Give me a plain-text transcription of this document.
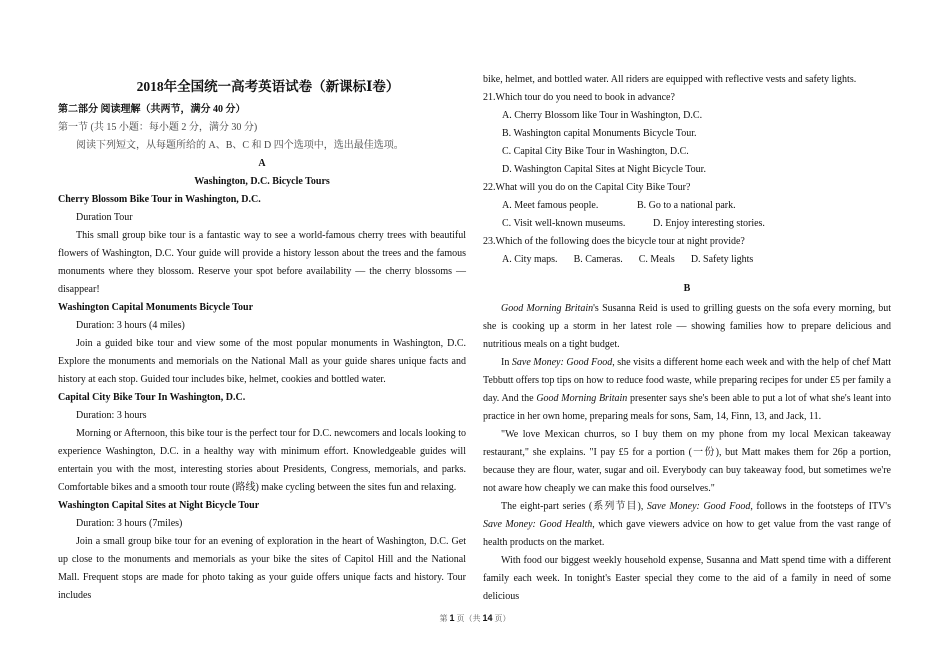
2018年全国统一高考英语试卷（新课标Ⅰ卷）

第二部分 阅读理解（共两节，满分 40 分）

第一节 (共 15 小题：每小题 2 分，满分 30 分)

阅读下列短文，从每题所给的 A、B、C 和 D 四个选项中，选出最佳选项。

A

Washington, D.C. Bicycle Tours

Cherry Blossom Bike Tour in Washington, D.C.

Duration Tour

This small group bike tour is a fantastic way to see a world-famous cherry trees with beautiful flowers of Washington, D.C. Your guide will provide a history lesson about the trees and the famous monuments where they blossom. Reserve your spot before availability — the cherry blossoms — disappear!

Washington Capital Monuments Bicycle Tour

Duration: 3 hours (4 miles)

Join a guided bike tour and view some of the most popular monuments in Washington, D.C. Explore the monuments and memorials on the National Mall as your guide shares unique facts and history at each stop. Guided tour includes bike, helmet, cookies and bottled water.

Capital City Bike Tour In Washington, D.C.

Duration: 3 hours

Morning or Afternoon, this bike tour is the perfect tour for D.C. newcomers and locals looking to experience Washington, D.C. in a healthy way with minimum effort. Knowledgeable guides will entertain you with the most, interesting stories about Presidents, Congress, memorials, and parks. Comfortable bikes and a smooth tour route (路线) make cycling between the sites fun and relaxing.

Washington Capital Sites at Night Bicycle Tour

Duration: 3 hours (7miles)

Join a small group bike tour for an evening of exploration in the heart of Washington, D.C. Get up close to the monuments and memorials as your bike the sites of Capitol Hill and the National Mall. Frequent stops are made for photo taking as your guide offers unique facts and history. Tour includes

bike, helmet, and bottled water. All riders are equipped with reflective vests and safety lights.

21.Which tour do you need to book in advance?

A. Cherry Blossom like Tour in Washington, D.C.

B. Washington capital Monuments Bicycle Tour.

C. Capital City Bike Tour in Washington, D.C.

D. Washington Capital Sites at Night Bicycle Tour.

22.What will you do on the Capital City Bike Tour?

A. Meet famous people.	B. Go to a national park.

C. Visit well-known museums.	D. Enjoy interesting stories.

23.Which of the following does the bicycle tour at night provide?

A. City maps. B. Cameras. C. Meals D. Safety lights

B

Good Morning Britain's Susanna Reid is used to grilling guests on the sofa every morning, but she is cooking up a storm in her latest role — showing families how to prepare delicious and nutritious meals on a tight budget.

In Save Money: Good Food, she visits a different home each week and with the help of chef Matt Tebbutt offers top tips on how to reduce food waste, while preparing recipes for under £5 per family a day. And the Good Morning Britain presenter says she's been able to put a lot of what she's leant into practice in her own home, preparing meals for sons, Sam, 14, Finn, 13, and Jack, 11.

"We love Mexican churros, so I buy them on my phone from my local Mexican takeaway restaurant," she explains. "I pay £5 for a portion (一份), but Matt makes them for 26p a portion, because they are flour, water, sugar and oil. Everybody can buy takeaway food, but sometimes we're not aware how cheaply we can make this food ourselves."

The eight-part series (系列节目), Save Money: Good Food, follows in the footsteps of ITV's Save Money: Good Health, which gave viewers advice on how to get value from the vast range of health products on the market.

With food our biggest weekly household expense, Susanna and Matt spend time with a different family each week. In tonight's Easter special they come to the aid of a family in need of some delicious

第 1 页（共 14 页）
